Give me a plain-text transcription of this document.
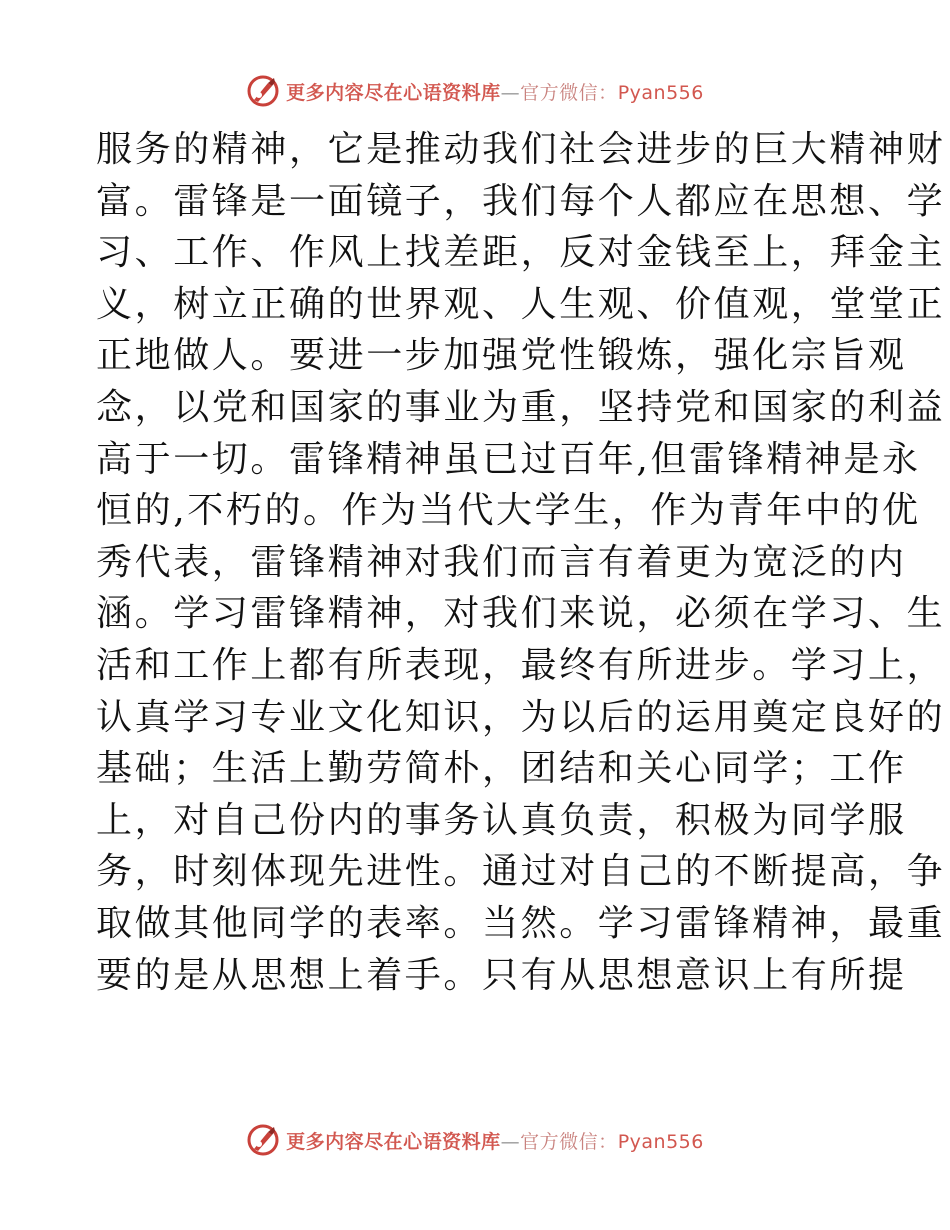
更多内容尽在心语资料库—官方微信：Pyan556
服务的精神，它是推动我们社会进步的巨大精神财
富。雷锋是一面镜子，我们每个人都应在思想、学
习、工作、作风上找差距，反对金钱至上，拜金主
义，树立正确的世界观、人生观、价值观，堂堂正
正地做人。要进一步加强党性锻炼，强化宗旨观
念，以党和国家的事业为重，坚持党和国家的利益
高于一切。雷锋精神虽已过百年,但雷锋精神是永
恒的,不朽的。作为当代大学生，作为青年中的优
秀代表，雷锋精神对我们而言有着更为宽泛的内
涵。学习雷锋精神，对我们来说，必须在学习、生
活和工作上都有所表现，最终有所进步。学习上，
认真学习专业文化知识，为以后的运用奠定良好的
基础；生活上勤劳简朴，团结和关心同学；工作
上，对自己份内的事务认真负责，积极为同学服
务，时刻体现先进性。通过对自己的不断提高，争
取做其他同学的表率。当然。学习雷锋精神，最重
要的是从思想上着手。只有从思想意识上有所提
更多内容尽在心语资料库—官方微信：Pyan556
